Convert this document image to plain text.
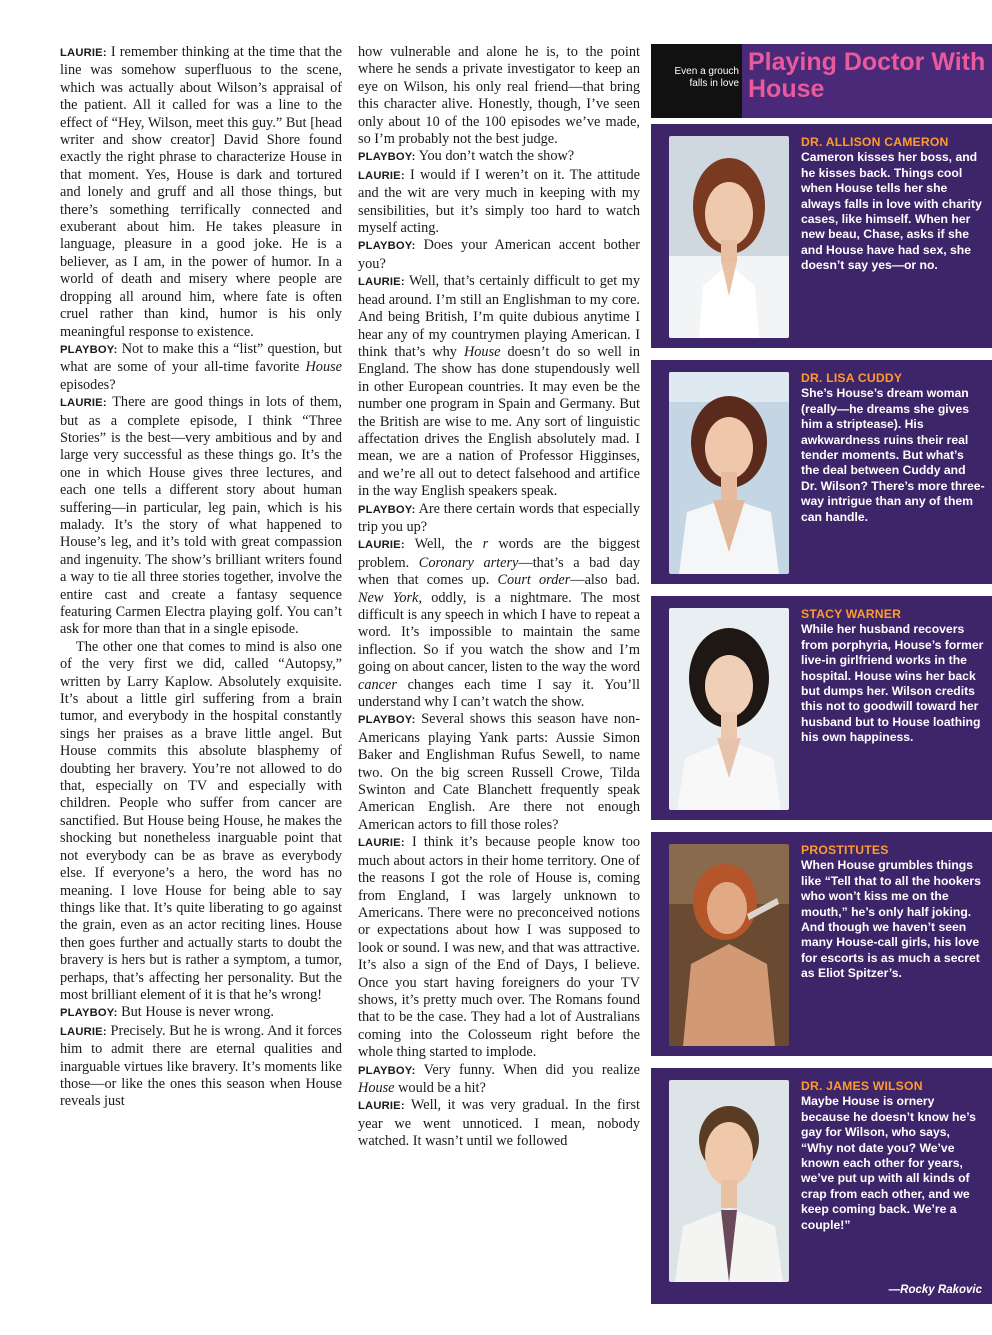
LAURIE: I remember thinking at the time that the line was somehow superfluous to the scene, which was actually about Wilson’s appraisal of the patient. All it called for was a line to the effect of “Hey, Wilson, meet this guy.” But [head writer and show creator] David Shore found exactly the right phrase to characterize House in that moment. Yes, House is dark and tortured and lonely and gruff and all those things, but there’s something terrifically connected and exuberant about him. He takes pleasure in language, pleasure in a good joke. He is a believer, as I am, in the power of humor. In a world of death and misery where people are dropping all around him, where fate is often cruel rather than kind, humor is his only meaningful response to existence.

PLAYBOY: Not to make this a “list” question, but what are some of your all-time favorite House episodes?

LAURIE: There are good things in lots of them, but as a complete episode, I think “Three Stories” is the best—very ambitious and by and large very successful as these things go. It’s the one in which House gives three lectures, and each one tells a different story about human suffering—in particular, leg pain, which is his malady. It’s the story of what happened to House’s leg, and it’s told with great compassion and ingenuity. The show’s brilliant writers found a way to tie all three stories together, involve the entire cast and create a fantasy sequence featuring Carmen Electra playing golf. You can’t ask for more than that in a single episode.

The other one that comes to mind is also one of the very first we did, called “Autopsy,” written by Larry Kaplow. Absolutely exquisite. It’s about a little girl suffering from a brain tumor, and everybody in the hospital constantly sings her praises as a brave little angel. But House commits this absolute blasphemy of doubting her bravery. You’re not allowed to do that, especially on TV and especially with children. People who suffer from cancer are sanctified. But House being House, he makes the shocking but nonetheless inarguable point that not everybody can be as brave as everybody else. If everyone’s a hero, the word has no meaning. I love House for being able to say things like that. It’s quite liberating to go against the grain, even as an actor reciting lines. House then goes further and actually starts to doubt the bravery is hers but is rather a symptom, a tumor, perhaps, that’s affecting her personality. But the most brilliant element of it is that he’s wrong!

PLAYBOY: But House is never wrong.

LAURIE: Precisely. But he is wrong. And it forces him to admit there are eternal qualities and inarguable virtues like bravery. It’s moments like those—or like the ones this season when House reveals just

how vulnerable and alone he is, to the point where he sends a private investigator to keep an eye on Wilson, his only real friend—that bring this character alive. Honestly, though, I’ve seen only about 10 of the 100 episodes we’ve made, so I’m probably not the best judge.

PLAYBOY: You don’t watch the show?

LAURIE: I would if I weren’t on it. The attitude and the wit are very much in keeping with my sensibilities, but it’s simply too hard to watch myself acting.

PLAYBOY: Does your American accent bother you?

LAURIE: Well, that’s certainly difficult to get my head around. I’m still an Englishman to my core. And being British, I’m quite dubious anytime I hear any of my countrymen playing American. I think that’s why House doesn’t do so well in England. The show has done stupendously well in other European countries. It may even be the number one program in Spain and Germany. But the British are wise to me. Any sort of linguistic affectation drives the English absolutely mad. I mean, we are a nation of Professor Higginses, and we’re all out to detect falsehood and artifice in the way English speakers speak.

PLAYBOY: Are there certain words that especially trip you up?

LAURIE: Well, the r words are the biggest problem. Coronary artery—that’s a bad day when that comes up. Court order—also bad. New York, oddly, is a nightmare. The most difficult is any speech in which I have to repeat a word. It’s impossible to maintain the same inflection. So if you watch the show and I’m going on about cancer, listen to the way the word cancer changes each time I say it. You’ll understand why I can’t watch the show.

PLAYBOY: Several shows this season have non-Americans playing Yank parts: Aussie Simon Baker and Englishman Rufus Sewell, to name two. On the big screen Russell Crowe, Tilda Swinton and Cate Blanchett frequently speak American English. Are there not enough American actors to fill those roles?

LAURIE: I think it’s because people know too much about actors in their home territory. One of the reasons I got the role of House is, coming from England, I was largely unknown to Americans. There were no preconceived notions or expectations about how I was supposed to look or sound. I was new, and that was attractive. It’s also a sign of the End of Days, I believe. Once you start having foreigners do your TV shows, it’s pretty much over. The Romans found that to be the case. They had a lot of Australians coming into the Colosseum right before the whole thing started to implode.

PLAYBOY: Very funny. When did you realize House would be a hit?

LAURIE: Well, it was very gradual. In the first year we went unnoticed. I mean, nobody watched. It wasn’t until we followed

Even a grouch falls in love
Playing Doctor With House
DR. ALLISON CAMERON
Cameron kisses her boss, and he kisses back. Things cool when House tells her she always falls in love with charity cases, like himself. When her new beau, Chase, asks if she and House have had sex, she doesn’t say yes—or no.
DR. LISA CUDDY
She’s House’s dream woman (really—he dreams she gives him a striptease). His awkwardness ruins their real tender moments. But what’s the deal between Cuddy and Dr. Wilson? There’s more three-way intrigue than any of them can handle.
STACY WARNER
While her husband recovers from porphyria, House’s former live-in girlfriend works in the hospital. House wins her back but dumps her. Wilson credits this not to goodwill toward her husband but to House loathing his own happiness.
PROSTITUTES
When House grumbles things like “Tell that to all the hookers who won’t kiss me on the mouth,” he’s only half joking. And though we haven’t seen many House-call girls, his love for escorts is as much a secret as Eliot Spitzer’s.
DR. JAMES WILSON
Maybe House is ornery because he doesn’t know he’s gay for Wilson, who says, “Why not date you? We’ve known each other for years, we’ve put up with all kinds of crap from each other, and we keep coming back. We’re a couple!”
—Rocky Rakovic
